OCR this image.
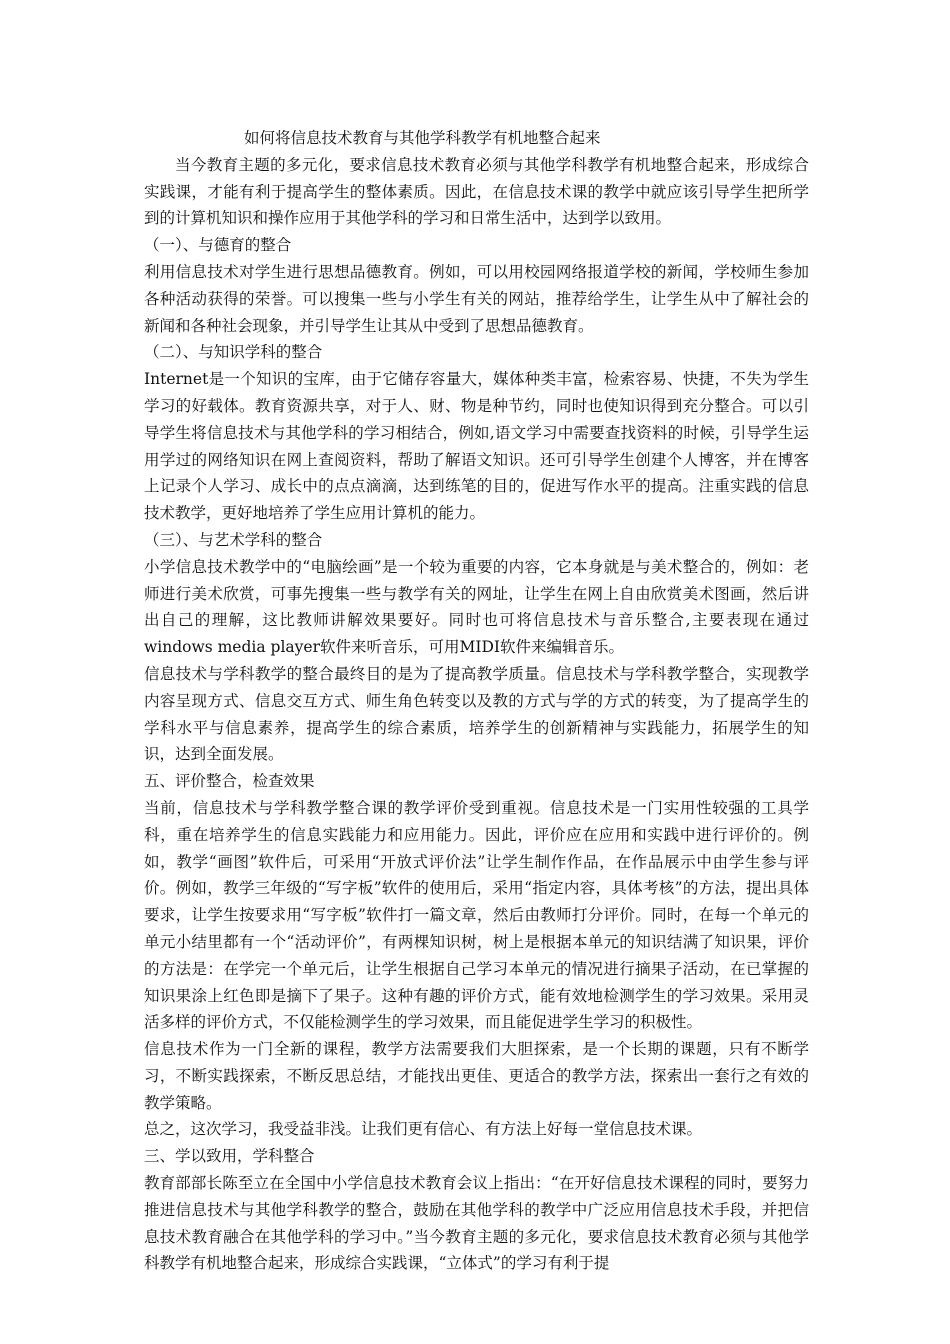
如何将信息技术教育与其他学科教学有机地整合起来
当今教育主题的多元化，要求信息技术教育必须与其他学科教学有机地整合起来，形成综合实践课，才能有利于提高学生的整体素质。因此，在信息技术课的教学中就应该引导学生把所学到的计算机知识和操作应用于其他学科的学习和日常生活中，达到学以致用。
（一）、与德育的整合
利用信息技术对学生进行思想品德教育。例如，可以用校园网络报道学校的新闻，学校师生参加各种活动获得的荣誉。可以搜集一些与小学生有关的网站，推荐给学生，让学生从中了解社会的新闻和各种社会现象，并引导学生让其从中受到了思想品德教育。
（二）、与知识学科的整合
Internet是一个知识的宝库，由于它储存容量大，媒体种类丰富，检索容易、快捷，不失为学生学习的好载体。教育资源共享，对于人、财、物是种节约，同时也使知识得到充分整合。可以引导学生将信息技术与其他学科的学习相结合，例如,语文学习中需要查找资料的时候，引导学生运用学过的网络知识在网上查阅资料，帮助了解语文知识。还可引导学生创建个人博客，并在博客上记录个人学习、成长中的点点滴滴，达到练笔的目的，促进写作水平的提高。注重实践的信息技术教学，更好地培养了学生应用计算机的能力。
（三）、与艺术学科的整合
小学信息技术教学中的“电脑绘画”是一个较为重要的内容，它本身就是与美术整合的，例如：老师进行美术欣赏，可事先搜集一些与教学有关的网址，让学生在网上自由欣赏美术图画，然后讲出自己的理解，这比教师讲解效果要好。同时也可将信息技术与音乐整合,主要表现在通过windows media player软件来听音乐，可用MIDI软件来编辑音乐。
信息技术与学科教学的整合最终目的是为了提高教学质量。信息技术与学科教学整合，实现教学内容呈现方式、信息交互方式、师生角色转变以及教的方式与学的方式的转变，为了提高学生的学科水平与信息素养，提高学生的综合素质，培养学生的创新精神与实践能力，拓展学生的知识，达到全面发展。
五、评价整合，检查效果
当前，信息技术与学科教学整合课的教学评价受到重视。信息技术是一门实用性较强的工具学科，重在培养学生的信息实践能力和应用能力。因此，评价应在应用和实践中进行评价的。例如，教学“画图”软件后，可采用“开放式评价法”让学生制作作品，在作品展示中由学生参与评价。例如，教学三年级的“写字板”软件的使用后，采用“指定内容，具体考核”的方法，提出具体要求，让学生按要求用“写字板”软件打一篇文章，然后由教师打分评价。同时，在每一个单元的单元小结里都有一个“活动评价”，有两棵知识树，树上是根据本单元的知识结满了知识果，评价的方法是：在学完一个单元后，让学生根据自己学习本单元的情况进行摘果子活动，在已掌握的知识果涂上红色即是摘下了果子。这种有趣的评价方式，能有效地检测学生的学习效果。采用灵活多样的评价方式，不仅能检测学生的学习效果，而且能促进学生学习的积极性。
信息技术作为一门全新的课程，教学方法需要我们大胆探索，是一个长期的课题，只有不断学习，不断实践探索，不断反思总结，才能找出更佳、更适合的教学方法，探索出一套行之有效的教学策略。
总之，这次学习，我受益非浅。让我们更有信心、有方法上好每一堂信息技术课。
三、学以致用，学科整合
教育部部长陈至立在全国中小学信息技术教育会议上指出：“在开好信息技术课程的同时，要努力推进信息技术与其他学科教学的整合，鼓励在其他学科的教学中广泛应用信息技术手段，并把信息技术教育融合在其他学科的学习中。”当今教育主题的多元化，要求信息技术教育必须与其他学科教学有机地整合起来，形成综合实践课，“立体式”的学习有利于提
